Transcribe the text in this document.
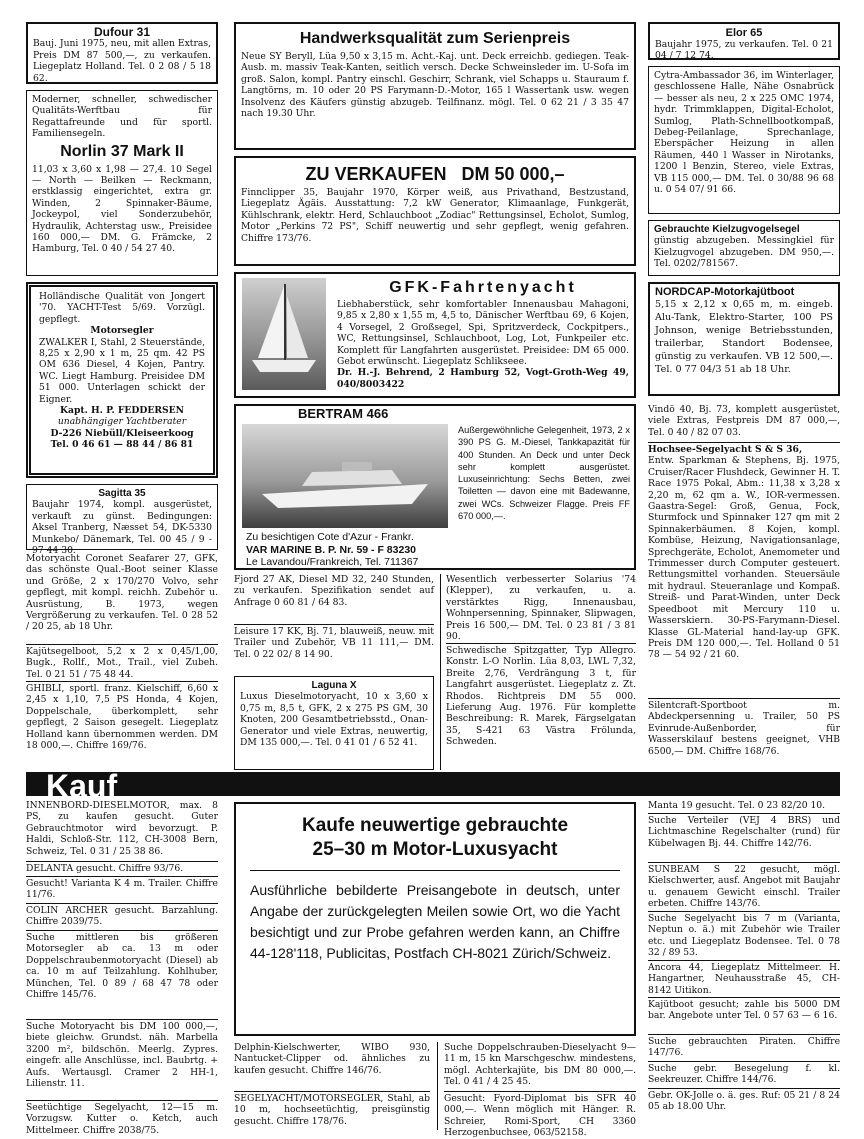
Dufour 31
Bauj. Juni 1975, neu, mit allen Extras, Preis DM 87 500,—, zu verkaufen. Liegeplatz Holland. Tel. 0 2 08 / 5 18 62.
Moderner, schneller, schwedischer Qualitäts-Werftbau für Regattafreunde und für sportl. Familiensegeln.
Norlin 37 Mark II
11,03 x 3,60 x 1,98 — 27,4. 10 Segel — North — Beilken — Reckmann, erstklassig eingerichtet, extra gr. Winden, 2 Spinnaker-Bäume, Jockeypol, viel Sonderzubehör, Hydraulik, Achterstag usw., Preisidee 160 000,— DM. G. Främcke, 2 Hamburg, Tel. 0 40 / 54 27 40.
Holländische Qualität von Jongert '70. YACHT-Test 5/69. Vorzügl. gepflegt.
Motorsegler
ZWALKER I, Stahl, 2 Steuerstände, 8,25 x 2,90 x 1 m, 25 qm. 42 PS OM 636 Diesel, 4 Kojen, Pantry. WC. Liegt Hamburg. Preisidee DM 51 000. Unterlagen schickt der Eigner.
Kapt. H. P. FEDDERSEN
unabhängiger Yachtberater
D-226 Niebüll/Kleiseerkoog
Tel. 0 46 61 — 88 44 / 86 81
Sagitta 35
Baujahr 1974, kompl. ausgerüstet, verkauft zu günst. Bedingungen: Aksel Tranberg, Næsset 54, DK-5330 Munkebo/ Dänemark, Tel. 00 45 / 9 - 97 44 30.
Motoryacht Coronet Seafarer 27, GFK, das schönste Qual.-Boot seiner Klasse und Größe, 2 x 170/270 Volvo, sehr gepflegt, mit kompl. reichh. Zubehör u. Ausrüstung, B. 1973, wegen Vergrößerung zu verkaufen. Tel. 0 28 52 / 20 25, ab 18 Uhr.
Kajütsegelboot, 5,2 x 2 x 0,45/1,00, Bugk., Rollf., Mot., Trail., viel Zubeh. Tel. 0 21 51 / 75 48 44.
GHIBLI, sportl. franz. Kielschiff, 6,60 x 2,45 x 1,10, 7,5 PS Honda, 4 Kojen, Doppelschale, überkomplett, sehr gepflegt, 2 Saison gesegelt. Liegeplatz Holland kann übernommen werden. DM 18 000,—. Chiffre 169/76.
Handwerksqualität zum Serienpreis
Neue SY Beryll, Lüa 9,50 x 3,15 m. Acht.-Kaj. unt. Deck erreichb. gediegen. Teak-Ausb. m. massiv Teak-Kanten, seitlich versch. Decke Schweinsleder im. U-Sofa im groß. Salon, kompl. Pantry einschl. Geschirr, Schrank, viel Schapps u. Stauraum f. Langtörns, m. 10 oder 20 PS Farymann-D.-Motor, 165 l Wassertank usw. wegen Insolvenz des Käufers günstig abzugeb. Teilfinanz. mögl. Tel. 0 62 21 / 3 35 47 nach 19.30 Uhr.
ZU VERKAUFEN   DM 50 000,–
Finnclipper 35, Baujahr 1970, Körper weiß, aus Privathand, Bestzustand, Liegeplatz Ägäis. Ausstattung: 7,2 kW Generator, Klimaanlage, Funkgerät, Kühlschrank, elektr. Herd, Schlauchboot „Zodiac" Rettungsinsel, Echolot, Sumlog, Motor „Perkins 72 PS", Schiff neuwertig und sehr gepflegt, wenig gefahren. Chiffre 173/76.
GFK-Fahrtenyacht
Liebhaberstück, sehr komfortabler Innenausbau Mahagoni, 9,85 x 2,80 x 1,55 m, 4,5 to, Dänischer Werftbau 69, 6 Kojen, 4 Vorsegel, 2 Großsegel, Spi, Spritzverdeck, Cockpitpers., WC, Rettungsinsel, Schlauchboot, Log, Lot, Funkpeiler etc. Komplett für Langfahrten ausgerüstet. Preisidee: DM 65 000. Gebot erwünscht. Liegeplatz Schlikseee.
Dr. H.-J. Behrend, 2 Hamburg 52, Vogt-Groth-Weg 49, 040/8003422
BERTRAM 466
Zu besichtigen Cote d'Azur - Frankr.
VAR MARINE B. P. Nr. 59 - F 83230
Le Lavandou/Frankreich, Tel. 711367
Außergewöhnliche Gelegenheit, 1973, 2 x 390 PS G. M.-Diesel, Tankkapazität für 400 Stunden. An Deck und unter Deck sehr komplett ausgerüstet. Luxuseinrichtung: Sechs Betten, zwei Toiletten — davon eine mit Badewanne, zwei WCs. Schweizer Flagge. Preis FF 670 000,—.
Fjord 27 AK, Diesel MD 32, 240 Stunden, zu verkaufen. Spezifikation sendet auf Anfrage 0 60 81 / 64 83.
Leisure 17 KK, Bj. 71, blauweiß, neuw. mit Trailer und Zubehör, VB 11 111,— DM. Tel. 0 22 02/ 8 14 90.
Laguna X
Luxus Dieselmotoryacht, 10 x 3,60 x 0,75 m, 8,5 t, GFK, 2 x 275 PS GM, 30 Knoten, 200 Gesamtbetriebsstd., Onan-Generator und viele Extras, neuwertig, DM 135 000,—. Tel. 0 41 01 / 6 52 41.
Wesentlich verbesserter Solarius '74 (Klepper), zu verkaufen, u. a. verstärktes Rigg, Innenausbau, Wohnpersenning, Spinnaker, Slipwagen, Preis 16 500,— DM. Tel. 0 23 81 / 3 81 90.
Schwedische Spitzgatter, Typ Allegro. Konstr. L-O Norlin. Lüa 8,03, LWL 7,32, Breite 2,76, Verdrängung 3 t, für Langfahrt ausgerüstet. Liegeplatz z. Zt. Rhodos. Richtpreis DM 55 000. Lieferung Aug. 1976. Für komplette Beschreibung: R. Marek, Färgselgatan 35, S-421 63 Västra Frölunda, Schweden.
Elor 65
Baujahr 1975, zu verkaufen. Tel. 0 21 04 / 7 12 74.
Cytra-Ambassador 36, im Winterlager, geschlossene Halle, Nähe Osnabrück — besser als neu, 2 x 225 OMC 1974, hydr. Trimmklappen, Digital-Echolot, Sumlog, Plath-Schnellbootkompaß, Debeg-Peilanlage, Sprechanlage, Eberspächer Heizung in allen Räumen, 440 l Wasser in Nirotanks, 1200 l Benzin, Stereo, viele Extras, VB 115 000,— DM. Tel. 0 30/88 96 68 u. 0 54 07/ 91 66.
Gebrauchte Kielzugvogelsegel
günstig abzugeben. Messingkiel für Kielzugvogel abzugeben. DM 950,—. Tel. 0202/781567.
NORDCAP-Motorkajütboot
5,15 x 2,12 x 0,65 m, m. eingeb. Alu-Tank, Elektro-Starter, 100 PS Johnson, wenige Betriebsstunden, trailerbar, Standort Bodensee, günstig zu verkaufen. VB 12 500,—. Tel. 0 77 04/3 51 ab 18 Uhr.
Vindö 40, Bj. 73, komplett ausgerüstet, viele Extras, Festpreis DM 87 000,—, Tel. 0 40 / 82 07 03.
Hochsee-Segelyacht S & S 36,
Entw. Sparkman & Stephens, Bj. 1975, Cruiser/Racer Flushdeck, Gewinner H. T. Race 1975 Pokal, Abm.: 11,38 x 3,28 x 2,20 m, 62 qm a. W., IOR-vermessen. Gaastra-Segel: Groß, Genua, Fock, Sturmfock und Spinnaker 127 qm mit 2 Spinnakerbäumen. 8 Kojen, kompl. Kombüse, Heizung, Navigationsanlage, Sprechgeräte, Echolot, Anemometer und Trimmesser durch Computer gesteuert. Rettungsmittel vorhanden. Steuersäule mit hydraul. Steueranlage und Kompaß. Streiß- und Parat-Winden, unter Deck Speedboot mit Mercury 110 u. Wasserskiern. 30-PS-Farymann-Diesel. Klasse GL-Material hand-lay-up GFK. Preis DM 120 000,—. Tel. Holland 0 51 78 — 54 92 / 21 60.
Silentcraft-Sportboot m. Abdeckpersenning u. Trailer, 50 PS Evinrude-Außenborder, für Wasserskilauf bestens geeignet, VHB 6500,— DM. Chiffre 168/76.
Kauf
INNENBORD-DIESELMOTOR, max. 8 PS, zu kaufen gesucht. Guter Gebrauchtmotor wird bevorzugt. P. Haldi, Schloß-Str. 112, CH-3008 Bern, Schweiz, Tel. 0 31 / 25 38 86.
DELANTA gesucht. Chiffre 93/76.
Gesucht! Varianta K 4 m. Trailer. Chiffre 11/76.
COLIN ARCHER gesucht. Barzahlung. Chiffre 2039/75.
Suche mittleren bis größeren Motorsegler ab ca. 13 m oder Doppelschraubenmotoryacht (Diesel) ab ca. 10 m auf Teilzahlung. Kohlhuber, München, Tel. 0 89 / 68 47 78 oder Chiffre 145/76.
Suche Motoryacht bis DM 100 000,—, biete gleichw. Grundst. näh. Marbella 3200 m², bildschön. Meerlg. Zypres. eingefr. alle Anschlüsse, incl. Baubrtg. + Aufs. Wertausgl. Cramer 2 HH-1, Lilienstr. 11.
Seetüchtige Segelyacht, 12—15 m. Vorzugsw. Kutter o. Ketch, auch Mittelmeer. Chiffre 2038/75.
Kaufe neuwertige gebrauchte
25–30 m Motor-Luxusyacht
Ausführliche bebilderte Preisangebote in deutsch, unter Angabe der zurückgelegten Meilen sowie Ort, wo die Yacht besichtigt und zur Probe gefahren werden kann, an Chiffre 44-128'118, Publicitas, Postfach CH-8021 Zürich/Schweiz.
Delphin-Kielschwerter, WIBO 930, Nantucket-Clipper od. ähnliches zu kaufen gesucht. Chiffre 146/76.
SEGELYACHT/MOTORSEGLER, Stahl, ab 10 m, hochseetüchtig, preisgünstig gesucht. Chiffre 178/76.
Suche Doppelschrauben-Dieselyacht 9—11 m, 15 kn Marschgeschw. mindestens, mögl. Achterkajüte, bis DM 80 000,—. Tel. 0 41 / 4 25 45.
Gesucht: Fyord-Diplomat bis SFR 40 000,—. Wenn möglich mit Hänger. R. Schreier, Romi-Sport, CH 3360 Herzogenbuchsee, 063/52158.
Manta 19 gesucht. Tel. 0 23 82/20 10.
Suche Verteiler (VEJ 4 BRS) und Lichtmaschine Regelschalter (rund) für Kübelwagen Bj. 44. Chiffre 142/76.
SUNBEAM S 22 gesucht, mögl. Kielschwerter, ausf. Angebot mit Baujahr u. genauem Gewicht einschl. Trailer erbeten. Chiffre 143/76.
Suche Segelyacht bis 7 m (Varianta, Neptun o. ä.) mit Zubehör wie Trailer etc. und Liegeplatz Bodensee. Tel. 0 78 32 / 89 53.
Ancora 44, Liegeplatz Mittelmeer. H. Hangartner, Neuhausstraße 45, CH-8142 Uitikon.
Kajütboot gesucht; zahle bis 5000 DM bar. Angebote unter Tel. 0 57 63 — 6 16.
Suche gebrauchten Piraten. Chiffre 147/76.
Suche gebr. Besegelung f. kl. Seekreuzer. Chiffre 144/76.
Gebr. OK-Jolle o. ä. ges. Ruf: 05 21 / 8 24 05 ab 18.00 Uhr.
